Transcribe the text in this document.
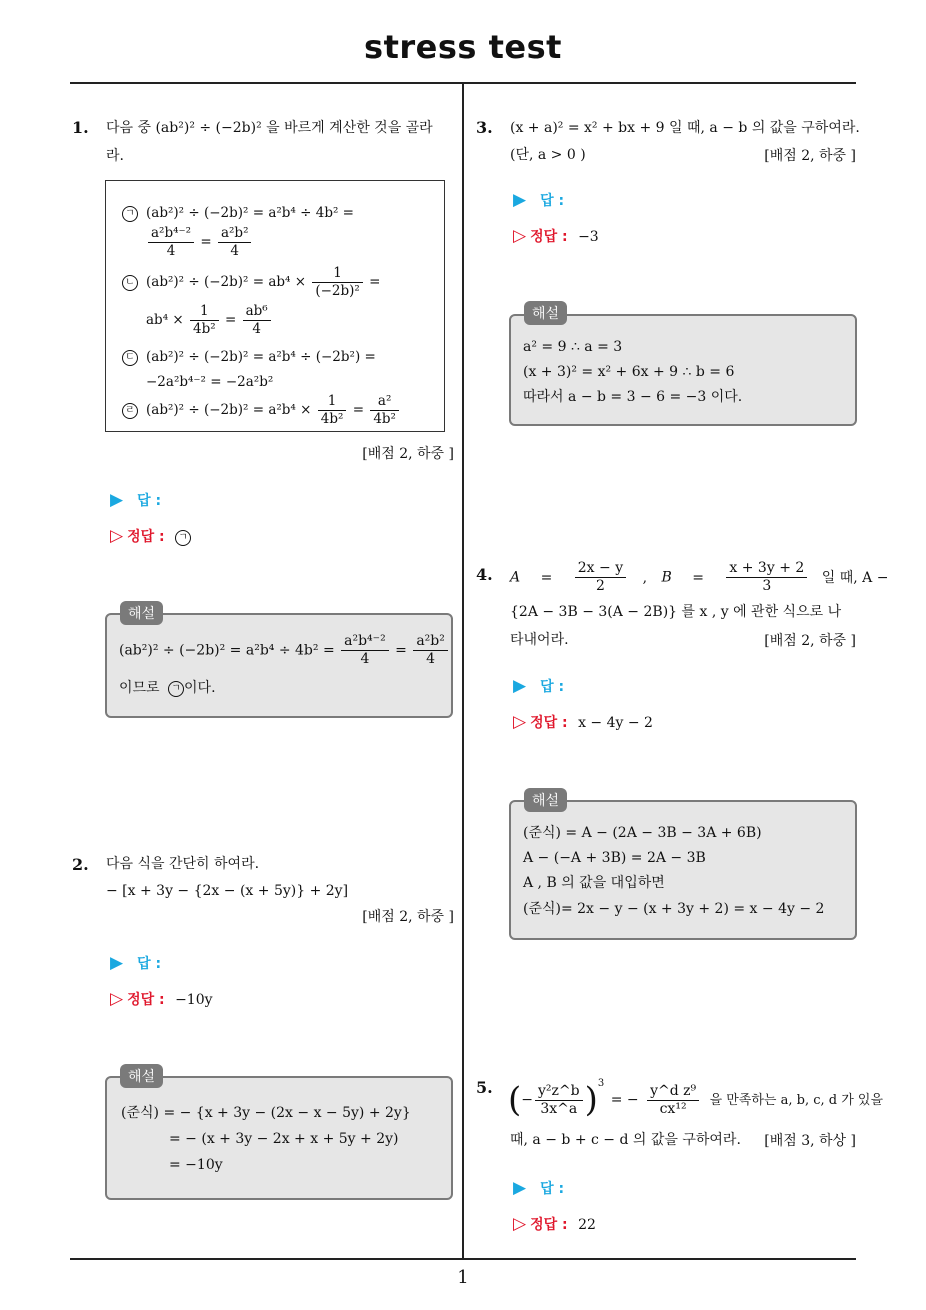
stress test
1
1. 다음 중 (ab²)² ÷ (−2b)² 을 바르게 계산한 것을 골라
라.
ㄱ (ab²)² ÷ (−2b)² = a²b⁴ ÷ 4b² =
$\frac{\text{a²b⁴⁻²}}{4} = \frac{\text{a²b²}}{4}$
ㄴ $(ab^2)^2 \div (-2b)^2 = ab^4 \times \frac{1}{\text{(−2b)²}}$ =
$ab^4 \times \frac{1}{\text{4b²}} = \frac{\text{ab⁶}}{4}$
ㄷ (ab²)² ÷ (−2b)² = a²b⁴ ÷ (−2b²) =
−2a²b⁴⁻² = −2a²b²
ㄹ $(ab^2)^2 \div (-2b)^2 = a^2b^4 \times \frac{1}{\text{4b²}} = \frac{\text{a²}}{\text{4b²}}$
[배점 2, 하중 ]
▶ 답 :
▷ 정답 : ㄱ
$(ab^2)^2 \div (-2b)^2 = a^2b^4 \div 4b^2 = \frac{\text{a²b⁴⁻²}}{4} = \frac{\text{a²b²}}{4}$
이므로 ㄱ 이다.
해설
2. 다음 식을 간단히 하여라.
− [x + 3y − {2x − (x + 5y)} + 2y]
[배점 2, 하중 ]
▶ 답 :
▷ 정답 : −10y
(준식) = − {x + 3y − (2x − x − 5y) + 2y}
= − (x + 3y − 2x + x + 5y + 2y)
= −10y
해설
3. (x + a)² = x² + bx + 9 일 때, a − b 의 값을 구하여라.
(단, a > 0 )	[배점 2, 하중 ]
▶ 답 :
▷ 정답 : −3
a² = 9 ∴ a = 3
(x + 3)² = x² + 6x + 9 ∴ b = 6
따라서 a − b = 3 − 6 = −3 이다.
해설
4. $A = \frac{2x - y}{2}$ , $B = \frac{x + 3y + 2}{3}$ 일 때, A −
{2A − 3B − 3(A − 2B)} 를 x , y 에 관한 식으로 나
타내어라.	[배점 2, 하중 ]
▶ 답 :
▷ 정답 : x − 4y − 2
(준식) = A − (2A − 3B − 3A + 6B)
A − (−A + 3B) = 2A − 3B
A , B 의 값을 대입하면
(준식)= 2x − y − (x + 3y + 2) = x − 4y − 2
해설
5. (− $\frac{\text{y²z\textasciicircum{}b}}{3x\^{}a} )^3$ = − $\frac{\text{y\textasciicircum{}d z⁹}}{\text{cx¹²}}$ 을 만족하는 a, b, c, d 가 있을
때, a − b + c − d 의 값을 구하여라.	[배점 3, 하상 ]
▶ 답 :
▷ 정답 : 22
